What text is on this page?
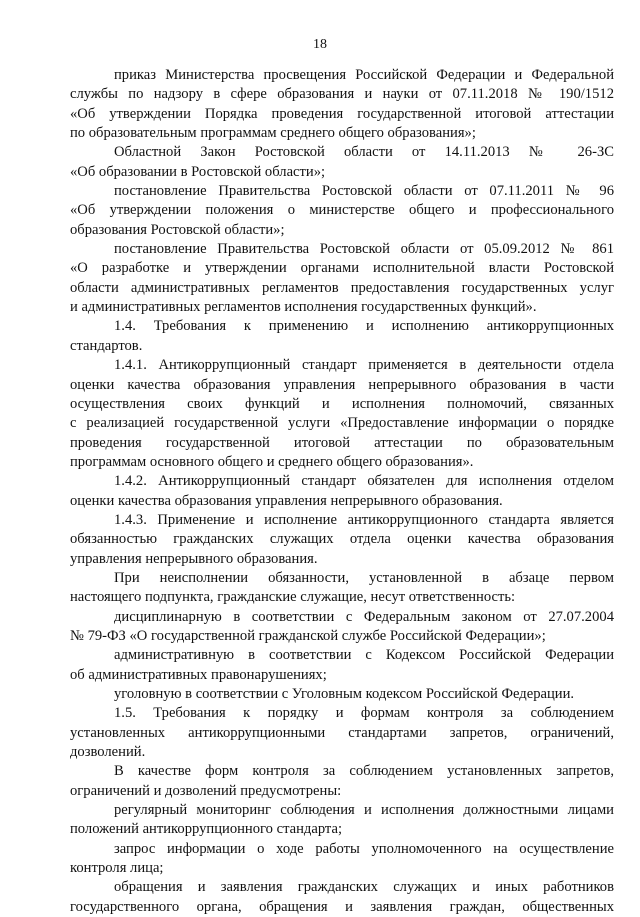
18
приказ Министерства просвещения Российской Федерации и Федеральной
службы по надзору в сфере образования и науки от 07.11.2018 № 190/1512
«Об утверждении Порядка проведения государственной итоговой аттестации
по образовательным программам среднего общего образования»;
Областной Закон Ростовской области от 14.11.2013 № 26-ЗС
«Об образовании в Ростовской области»;
постановление Правительства Ростовской области от 07.11.2011 № 96
«Об утверждении положения о министерстве общего и профессионального
образования Ростовской области»;
постановление Правительства Ростовской области от 05.09.2012 № 861
«О разработке и утверждении органами исполнительной власти Ростовской
области административных регламентов предоставления государственных услуг
и административных регламентов исполнения государственных функций».
1.4. Требования к применению и исполнению антикоррупционных
стандартов.
1.4.1. Антикоррупционный стандарт применяется в деятельности отдела
оценки качества образования управления непрерывного образования в части
осуществления своих функций и исполнения полномочий, связанных
с реализацией государственной услуги «Предоставление информации о порядке
проведения государственной итоговой аттестации по образовательным
программам основного общего и среднего общего образования».
1.4.2. Антикоррупционный стандарт обязателен для исполнения отделом
оценки качества образования управления непрерывного образования.
1.4.3. Применение и исполнение антикоррупционного стандарта является
обязанностью гражданских служащих отдела оценки качества образования
управления непрерывного образования.
При неисполнении обязанности, установленной в абзаце первом
настоящего подпункта, гражданские служащие, несут ответственность:
дисциплинарную в соответствии с Федеральным законом от 27.07.2004
№ 79-ФЗ «О государственной гражданской службе Российской Федерации»;
административную в соответствии с Кодексом Российской Федерации
об административных правонарушениях;
уголовную в соответствии с Уголовным кодексом Российской Федерации.
1.5. Требования к порядку и формам контроля за соблюдением
установленных антикоррупционными стандартами запретов, ограничений,
дозволений.
В качестве форм контроля за соблюдением установленных запретов,
ограничений и дозволений предусмотрены:
регулярный мониторинг соблюдения и исполнения должностными лицами
положений антикоррупционного стандарта;
запрос информации о ходе работы уполномоченного на осуществление
контроля лица;
обращения и заявления гражданских служащих и иных работников
государственного органа, обращения и заявления граждан, общественных
